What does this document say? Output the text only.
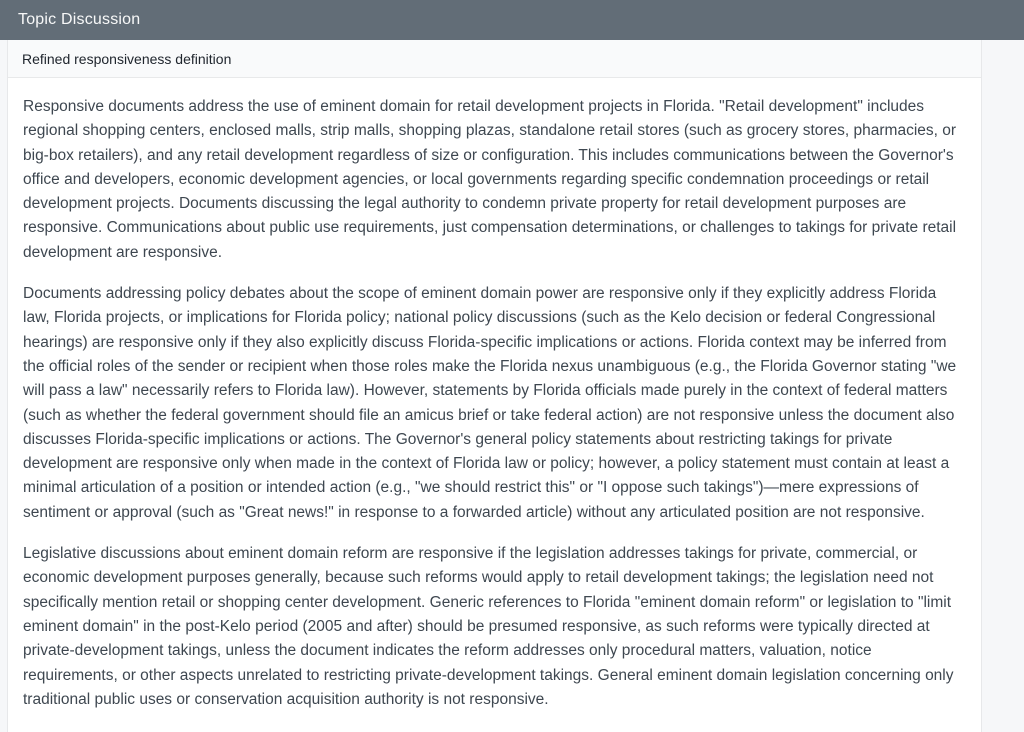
Topic Discussion
Refined responsiveness definition

Responsive documents address the use of eminent domain for retail development projects in Florida. "Retail development" includes regional shopping centers, enclosed malls, strip malls, shopping plazas, standalone retail stores (such as grocery stores, pharmacies, or big-box retailers), and any retail development regardless of size or configuration. This includes communications between the Governor's office and developers, economic development agencies, or local governments regarding specific condemnation proceedings or retail development projects. Documents discussing the legal authority to condemn private property for retail development purposes are responsive. Communications about public use requirements, just compensation determinations, or challenges to takings for private retail development are responsive.

Documents addressing policy debates about the scope of eminent domain power are responsive only if they explicitly address Florida law, Florida projects, or implications for Florida policy; national policy discussions (such as the Kelo decision or federal Congressional hearings) are responsive only if they also explicitly discuss Florida-specific implications or actions. Florida context may be inferred from the official roles of the sender or recipient when those roles make the Florida nexus unambiguous (e.g., the Florida Governor stating "we will pass a law" necessarily refers to Florida law). However, statements by Florida officials made purely in the context of federal matters (such as whether the federal government should file an amicus brief or take federal action) are not responsive unless the document also discusses Florida-specific implications or actions. The Governor's general policy statements about restricting takings for private development are responsive only when made in the context of Florida law or policy; however, a policy statement must contain at least a minimal articulation of a position or intended action (e.g., "we should restrict this" or "I oppose such takings")—mere expressions of sentiment or approval (such as "Great news!" in response to a forwarded article) without any articulated position are not responsive.

Legislative discussions about eminent domain reform are responsive if the legislation addresses takings for private, commercial, or economic development purposes generally, because such reforms would apply to retail development takings; the legislation need not specifically mention retail or shopping center development. Generic references to Florida "eminent domain reform" or legislation to "limit eminent domain" in the post-Kelo period (2005 and after) should be presumed responsive, as such reforms were typically directed at private-development takings, unless the document indicates the reform addresses only procedural matters, valuation, notice requirements, or other aspects unrelated to restricting private-development takings. General eminent domain legislation concerning only traditional public uses or conservation acquisition authority is not responsive.
